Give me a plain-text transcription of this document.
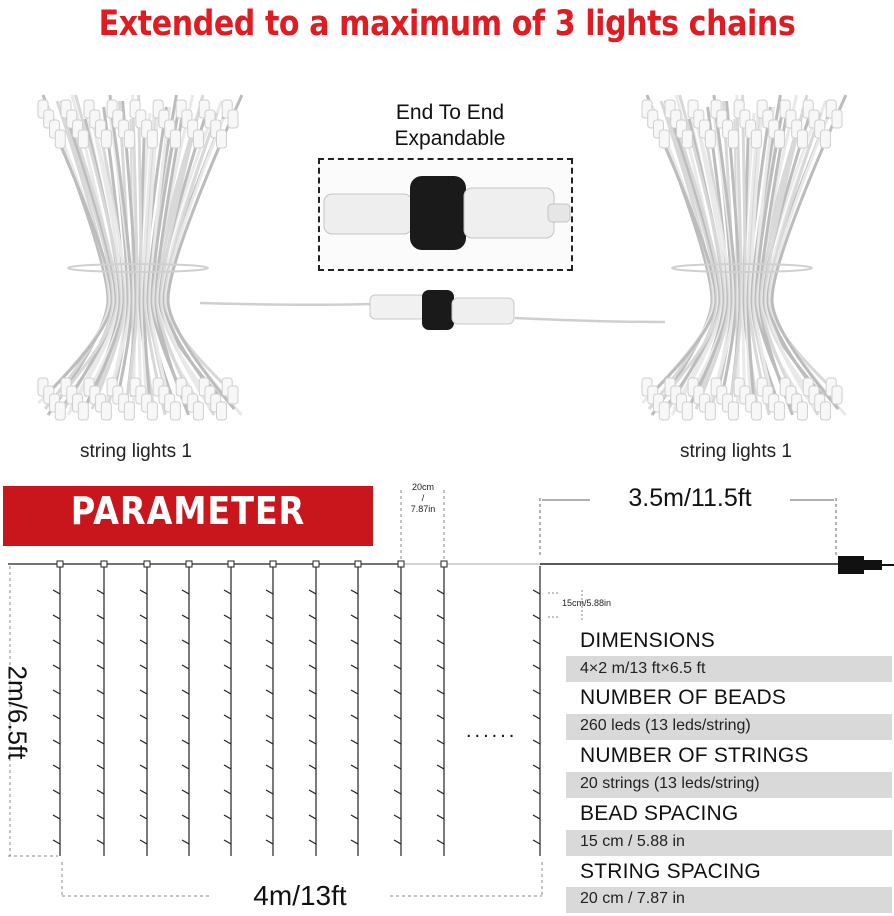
Extended to a maximum of 3 lights chains
End To End
Expandable
string lights 1	string lights 1
PARAMETER	3.5m/11.5ft
20cm
/
7.87in
15cm/5.88in
2m/6.5ft
4m/13ft
......
DIMENSIONS
4×2 m/13 ft×6.5 ft
NUMBER OF BEADS
260 leds (13 leds/string)
NUMBER OF STRINGS
20 strings (13 leds/string)
BEAD SPACING
15 cm / 5.88 in
STRING SPACING
20 cm / 7.87 in
